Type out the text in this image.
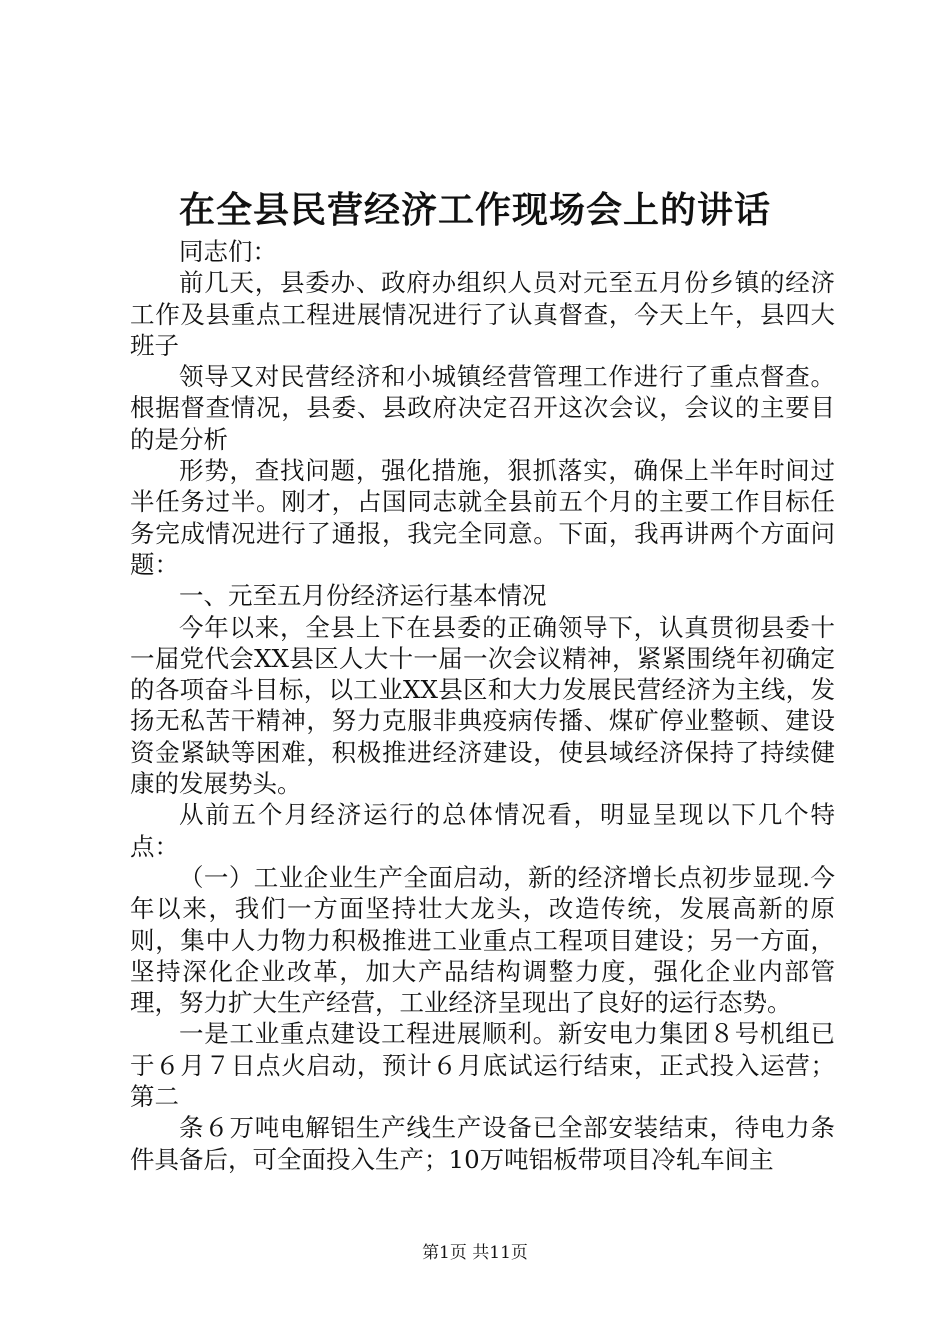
在全县民营经济工作现场会上的讲话

同志们：

前几天，县委办、政府办组织人员对元至五月份乡镇的经济工作及县重点工程进展情况进行了认真督查，今天上午，县四大班子

领导又对民营经济和小城镇经营管理工作进行了重点督查。根据督查情况，县委、县政府决定召开这次会议，会议的主要目的是分析

形势，查找问题，强化措施，狠抓落实，确保上半年时间过半任务过半。刚才，占国同志就全县前五个月的主要工作目标任务完成情况进行了通报，我完全同意。下面，我再讲两个方面问题：

一、元至五月份经济运行基本情况

今年以来，全县上下在县委的正确领导下，认真贯彻县委十一届党代会XX县区人大十一届一次会议精神，紧紧围绕年初确定的各项奋斗目标，以工业XX县区和大力发展民营经济为主线，发扬无私苦干精神，努力克服非典疫病传播、煤矿停业整顿、建设资金紧缺等困难，积极推进经济建设，使县域经济保持了持续健康的发展势头。

从前五个月经济运行的总体情况看，明显呈现以下几个特点：

（一）工业企业生产全面启动，新的经济增长点初步显现.今年以来，我们一方面坚持壮大龙头，改造传统，发展高新的原则，集中人力物力积极推进工业重点工程项目建设；另一方面，坚持深化企业改革，加大产品结构调整力度，强化企业内部管理，努力扩大生产经营，工业经济呈现出了良好的运行态势。

一是工业重点建设工程进展顺利。新安电力集团８号机组已于６月７日点火启动，预计６月底试运行结束，正式投入运营；第二

条６万吨电解铝生产线生产设备已全部安装结束，待电力条件具备后，可全面投入生产；10万吨铝板带项目冷轧车间主

第1页 共11页
